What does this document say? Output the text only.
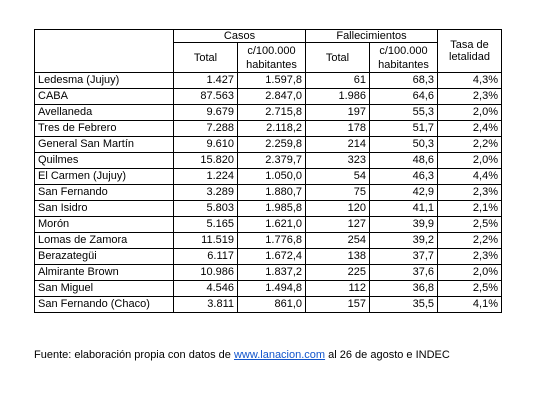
	Casos		Fallecimientos		Tasa de letalidad
	Total	c/100.000 habitantes	Total	c/100.000 habitantes	
Ledesma (Jujuy)	1.427	1.597,8	61	68,3	4,3%
CABA	87.563	2.847,0	1.986	64,6	2,3%
Avellaneda	9.679	2.715,8	197	55,3	2,0%
Tres de Febrero	7.288	2.118,2	178	51,7	2,4%
General San Martín	9.610	2.259,8	214	50,3	2,2%
Quilmes	15.820	2.379,7	323	48,6	2,0%
El Carmen (Jujuy)	1.224	1.050,0	54	46,3	4,4%
San Fernando	3.289	1.880,7	75	42,9	2,3%
San Isidro	5.803	1.985,8	120	41,1	2,1%
Morón	5.165	1.621,0	127	39,9	2,5%
Lomas de Zamora	11.519	1.776,8	254	39,2	2,2%
Berazategüi	6.117	1.672,4	138	37,7	2,3%
Almirante Brown	10.986	1.837,2	225	37,6	2,0%
San Miguel	4.546	1.494,8	112	36,8	2,5%
San Fernando (Chaco)	3.811	861,0	157	35,5	4,1%
Fuente: elaboración propia con datos de www.lanacion.com al 26 de agosto e INDEC
